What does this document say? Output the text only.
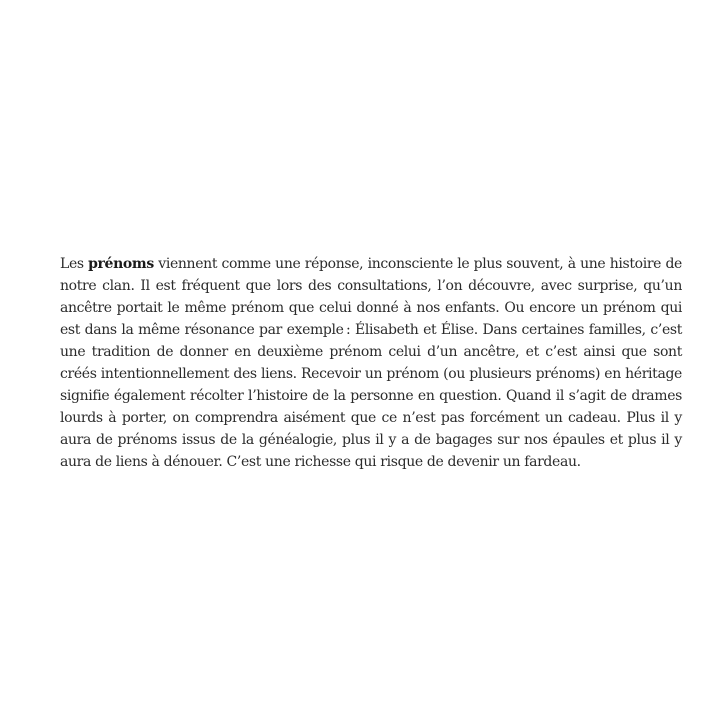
Les prénoms viennent comme une réponse, inconsciente le plus souvent, à une histoire de notre clan. Il est fréquent que lors des consultations, l’on découvre, avec surprise, qu’un ancêtre portait le même prénom que celui donné à nos enfants. Ou encore un prénom qui est dans la même résonance par exemple : Élisabeth et Élise. Dans certaines familles, c’est une tradition de donner en deuxième prénom celui d’un ancêtre, et c’est ainsi que sont créés intentionnellement des liens. Recevoir un prénom (ou plusieurs prénoms) en héritage signifie également récolter l’histoire de la personne en question. Quand il s’agit de drames lourds à porter, on comprendra aisément que ce n’est pas forcément un cadeau. Plus il y aura de prénoms issus de la généalogie, plus il y a de bagages sur nos épaules et plus il y aura de liens à dénouer. C’est une richesse qui risque de devenir un fardeau.
